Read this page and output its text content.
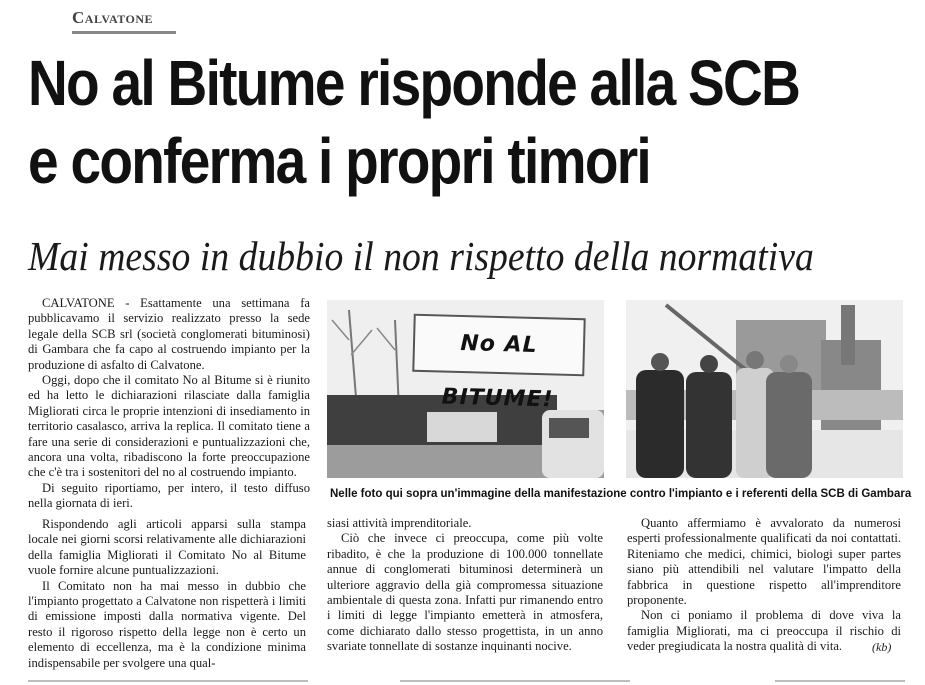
Calvatone
No al Bitume risponde alla SCB
e conferma i propri timori
Mai messo in dubbio il non rispetto della normativa

CALVATONE - Esattamente una settimana fa pubblicavamo il servizio realizzato presso la sede legale della SCB srl (società conglomerati bituminosi) di Gambara che fa capo al costruendo impianto per la produzione di asfalto di Calvatone.

Oggi, dopo che il comitato No al Bitume si è riunito ed ha letto le dichiarazioni rilasciate dalla famiglia Migliorati circa le proprie intenzioni di insediamento in territorio casalasco, arriva la replica. Il comitato tiene a fare una serie di considerazioni e puntualizzazioni che, ancora una volta, ribadiscono la forte preoccupazione che c'è tra i sostenitori del no al costruendo impianto.

Di seguito riportiamo, per intero, il testo diffuso nella giornata di ieri.

No AL BITUME!
Nelle foto qui sopra un'immagine della manifestazione contro l'impianto e i referenti della SCB di Gambara

Rispondendo agli articoli apparsi sulla stampa locale nei giorni scorsi relativamente alle dichiarazioni della famiglia Migliorati il Comitato No al Bitume vuole fornire alcune puntualizzazioni.

Il Comitato non ha mai messo in dubbio che l'impianto progettato a Calvatone non rispetterà i limiti di emissione imposti dalla normativa vigente. Del resto il rigoroso rispetto della legge non è certo un elemento di eccellenza, ma è la condizione minima indispensabile per svolgere una qual-

siasi attività imprenditoriale.

Ciò che invece ci preoccupa, come più volte ribadito, è che la produzione di 100.000 tonnellate annue di conglomerati bituminosi determinerà un ulteriore aggravio della già compromessa situazione ambientale di questa zona. Infatti pur rimanendo entro i limiti di legge l'impianto emetterà in atmosfera, come dichiarato dallo stesso progettista, in un anno svariate tonnellate di sostanze inquinanti nocive.

Quanto affermiamo è avvalorato da numerosi esperti professionalmente qualificati da noi contattati. Riteniamo che medici, chimici, biologi super partes siano più attendibili nel valutare l'impatto della fabbrica in questione rispetto all'imprenditore proponente.

Non ci poniamo il problema di dove viva la famiglia Migliorati, ma ci preoccupa il rischio di veder pregiudicata la nostra qualità di vita.	(kb)
